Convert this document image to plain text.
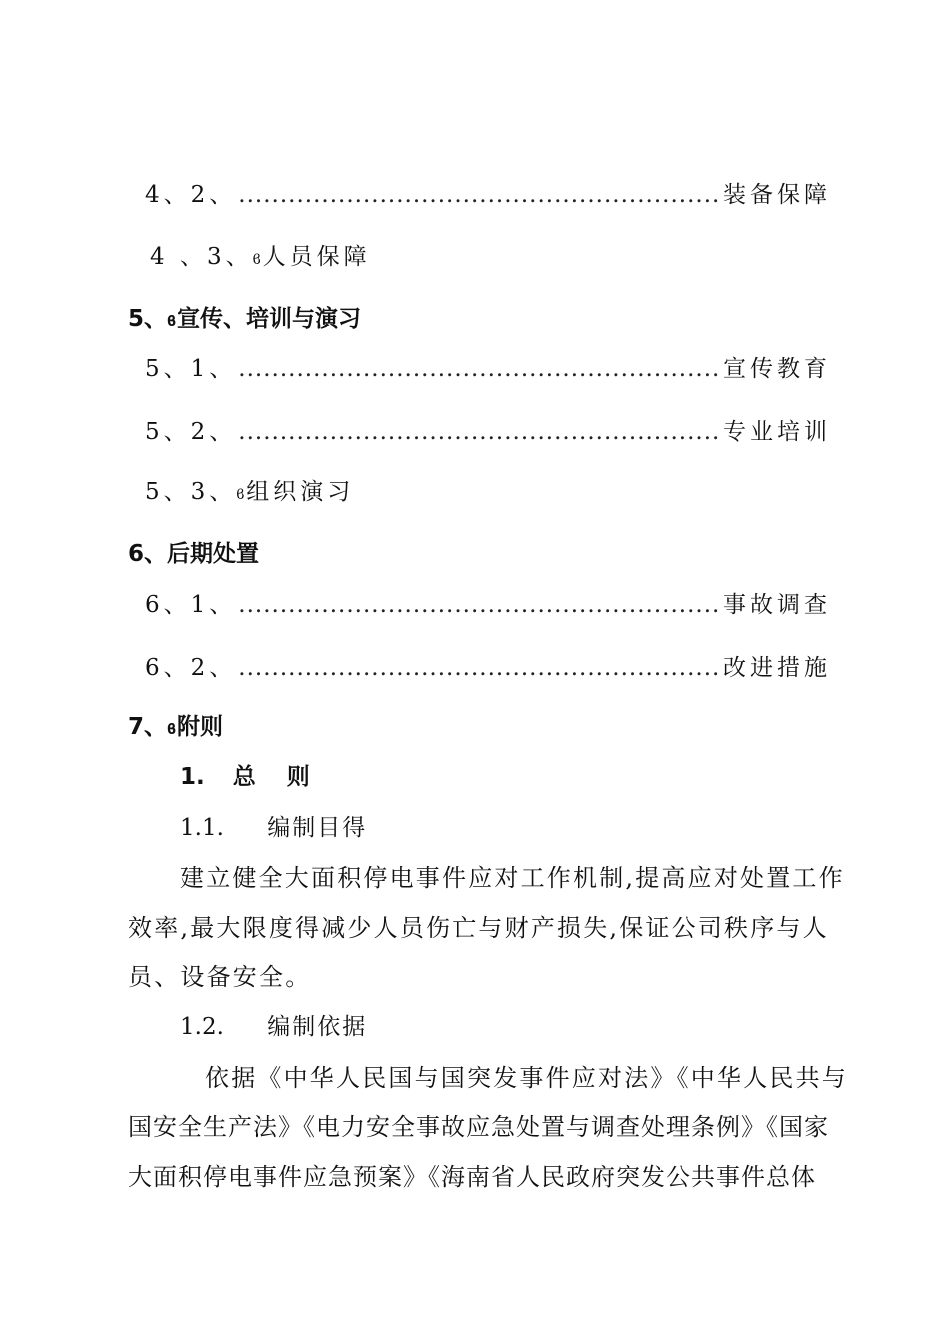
4、2、 .....	装备保障
4 、3、ϐ人员保障
5、ϐ宣传、培训与演习
5、1、 .....	宣传教育
5、2、 .....	专业培训
5、3、ϐ组织演习
6、后期处置
6、1、 .....	事故调查
6、2、 .....	改进措施
7、ϐ附则
1. 总　则
1.1. 编制目得
建立健全大面积停电事件应对工作机制,提高应对处置工作
效率,最大限度得减少人员伤亡与财产损失,保证公司秩序与人
员、设备安全。
1.2. 编制依据
依据《中华人民国与国突发事件应对法》《中华人民共与
国安全生产法》《电力安全事故应急处置与调查处理条例》《国家
大面积停电事件应急预案》《海南省人民政府突发公共事件总体
